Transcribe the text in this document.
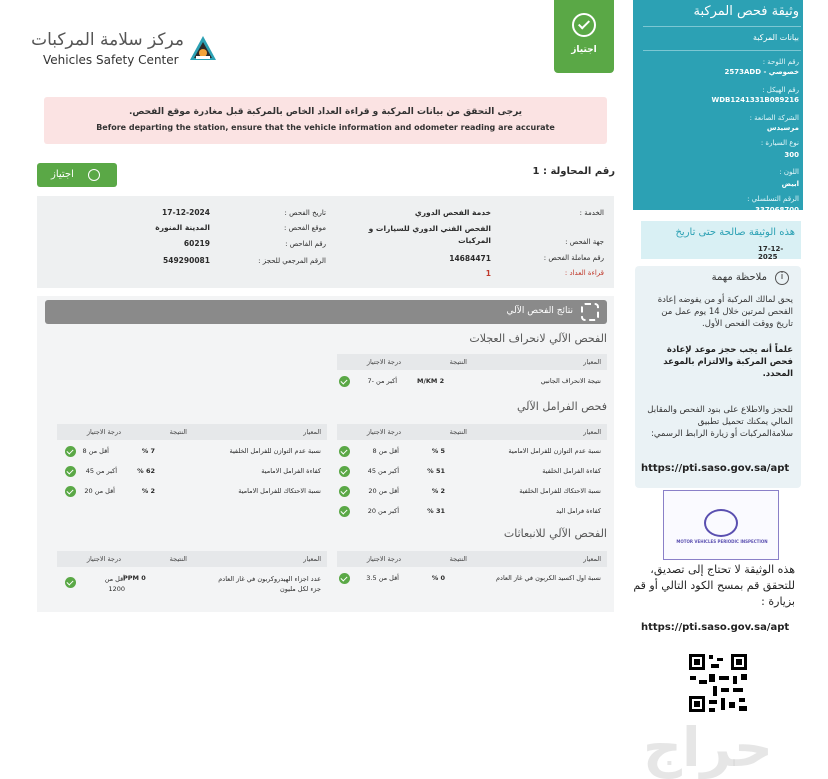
مركز سلامة المركبات
Vehicles Safety Center
اجتياز
يرجى التحقق من بيانات المركبة و قراءة العداد الخاص بالمركبة قبل مغادرة موقع الفحص.
Before departing the station, ensure that the vehicle information and odometer reading are accurate
رقم المحاولة : 1
اجتياز
الخدمة :
خدمة الفحص الدوري
جهة الفحص :
الفحص الفني الدوري للسيارات و المركبات
رقم معاملة الفحص :
14684471
قراءة العداد :
1
تاريخ الفحص :
17-12-2024
موقع الفحص :
المدينة المنورة
رقم الفاحص :
60219
الرقم المرجعي للحجز :
549290081
نتائج الفحص الآلي
الفحص الآلي لانحراف العجلات
المعيار
النتيجة
درجة الاجتياز
نتيجة الانحراف الجانبي
M/KM 2
أكبر من -7
فحص الفرامل الآلي
المعيار
النتيجة
درجة الاجتياز
نسبة عدم التوازن للفرامل الامامية
5 %
أقل من 8
كفاءة الفرامل الخلفية
51 %
أكبر من 45
نسبة الاحتكاك للفرامل الخلفية
2 %
أقل من 20
كفاءة فرامل اليد
31 %
أكبر من 20
المعيار
النتيجة
درجة الاجتياز
نسبة عدم التوازن للفرامل الخلفية
7 %
أقل من 8
كفاءة الفرامل الامامية
62 %
أكبر من 45
نسبة الاحتكاك للفرامل الامامية
2 %
أقل من 20
الفحص الآلي للانبعاثات
المعيار
النتيجة
درجة الاجتياز
نسبة اول اكسيد الكربون في غاز العادم
0 %
أقل من 3.5
المعيار
النتيجة
درجة الاجتياز
عدد اجزاء الهيدروكربون في غاز العادم جزء لكل مليون
PPM 0
أقل من 1200
وثيقة فحص المركبة
بيانات المركبة
رقم اللوحة :
خصوصي - 2573ADD
رقم الهيكل :
WDB1241331B089216
الشركة الصانعة :
مرسيدس
نوع السيارة :
300
اللون :
ابيض
الرقم التسلسلي :
337068700
هذه الوثيقة صالحة حتى تاريخ
17-12-2025
i
ملاحظة مهمة
يحق لمالك المركبة أو من يفوضه إعادة الفحص لمرتين خلال 14 يوم عمل من تاريخ ووقت الفحص الأول.
علماً أنه يجب حجز موعد لإعادة فحص المركبة والالتزام بالموعد المحدد.
للحجز والاطلاع على بنود الفحص والمقابل المالي يمكنك تحميل تطبيق سلامةالمركبات أو زيارة الرابط الرسمي:
https://pti.saso.gov.sa/apt
MOTOR VEHICLES PERIODIC INSPECTION
هذه الوثيقة لا تحتاج إلى تصديق، للتحقق قم بمسح الكود التالي أو قم بزيارة :
https://pti.saso.gov.sa/apt
حراج
